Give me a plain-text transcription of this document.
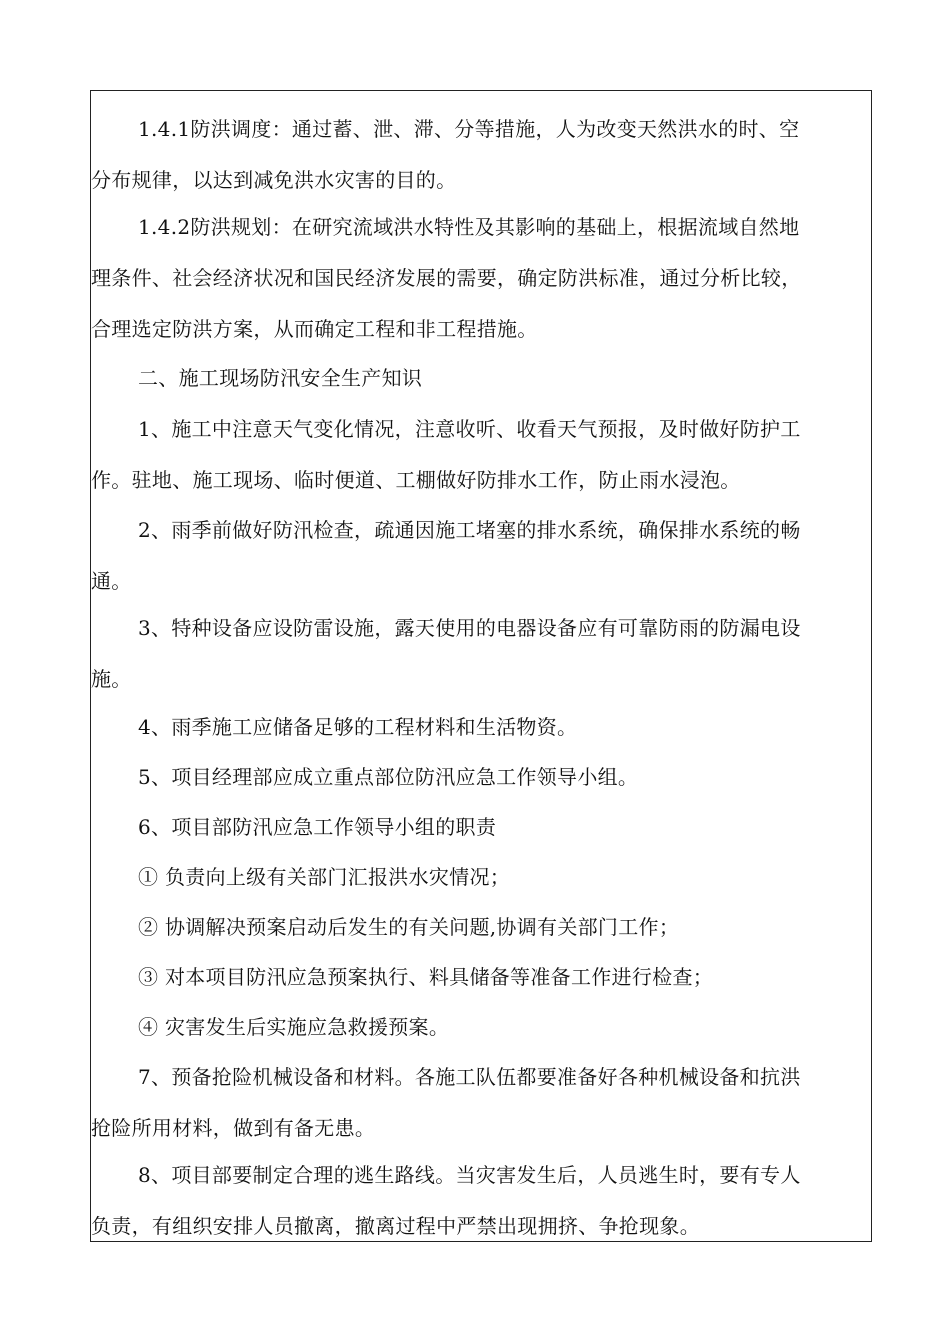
1.4.1防洪调度：通过蓄、泄、滞、分等措施，人为改变天然洪水的时、空
分布规律，以达到减免洪水灾害的目的。
1.4.2防洪规划：在研究流域洪水特性及其影响的基础上，根据流域自然地
理条件、社会经济状况和国民经济发展的需要，确定防洪标准，通过分析比较，
合理选定防洪方案，从而确定工程和非工程措施。
二、施工现场防汛安全生产知识
1、施工中注意天气变化情况，注意收听、收看天气预报，及时做好防护工
作。驻地、施工现场、临时便道、工棚做好防排水工作，防止雨水浸泡。
2、雨季前做好防汛检查，疏通因施工堵塞的排水系统，确保排水系统的畅
通。
3、特种设备应设防雷设施，露天使用的电器设备应有可靠防雨的防漏电设
施。
4、雨季施工应储备足够的工程材料和生活物资。
5、项目经理部应成立重点部位防汛应急工作领导小组。
6、项目部防汛应急工作领导小组的职责
① 负责向上级有关部门汇报洪水灾情况；
② 协调解决预案启动后发生的有关问题,协调有关部门工作；
③ 对本项目防汛应急预案执行、料具储备等准备工作进行检查；
④ 灾害发生后实施应急救援预案。
7、预备抢险机械设备和材料。各施工队伍都要准备好各种机械设备和抗洪
抢险所用材料，做到有备无患。
8、项目部要制定合理的逃生路线。当灾害发生后，人员逃生时，要有专人
负责，有组织安排人员撤离，撤离过程中严禁出现拥挤、争抢现象。
